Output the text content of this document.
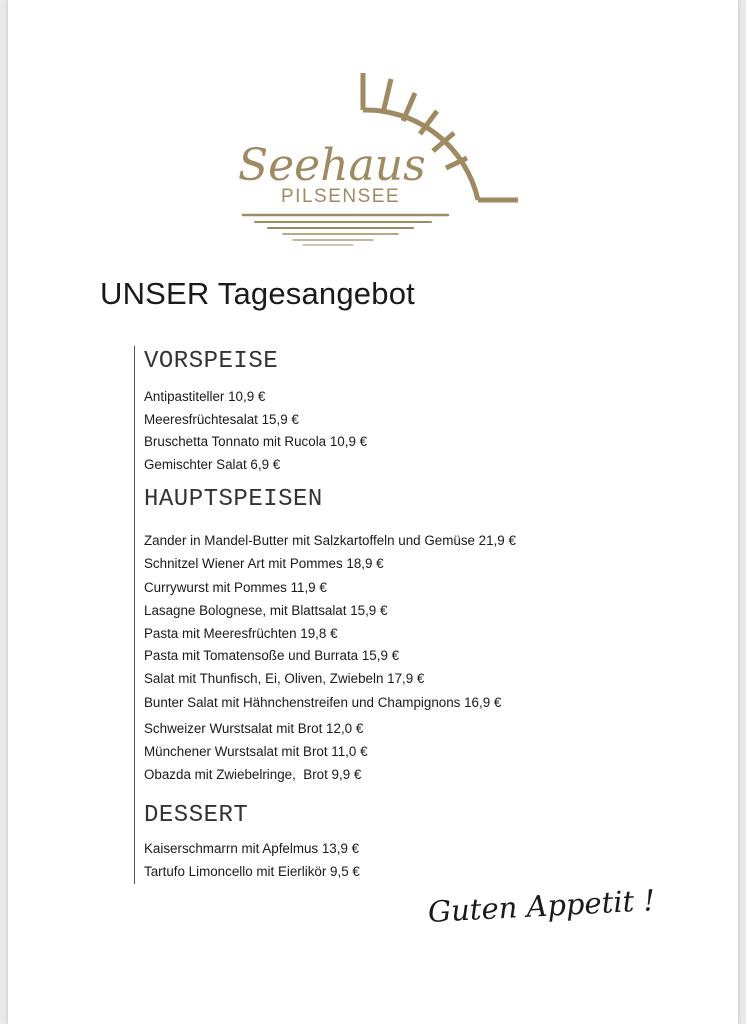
Seehaus
PILSENSEE
UNSER Tagesangebot
VORSPEISE
Antipastiteller 10,9 €
Meeresfrüchtesalat 15,9 €
Bruschetta Tonnato mit Rucola 10,9 €
Gemischter Salat 6,9 €
HAUPTSPEISEN
Zander in Mandel-Butter mit Salzkartoffeln und Gemüse 21,9 €
Schnitzel Wiener Art mit Pommes 18,9 €
Currywurst mit Pommes 11,9 €
Lasagne Bolognese, mit Blattsalat 15,9 €
Pasta mit Meeresfrüchten 19,8 €
Pasta mit Tomatensoße und Burrata 15,9 €
Salat mit Thunfisch, Ei, Oliven, Zwiebeln 17,9 €
Bunter Salat mit Hähnchenstreifen und Champignons 16,9 €
Schweizer Wurstsalat mit Brot 12,0 €
Münchener Wurstsalat mit Brot 11,0 €
Obazda mit Zwiebelringe,  Brot 9,9 €
DESSERT
Kaiserschmarrn mit Apfelmus 13,9 €
Tartufo Limoncello mit Eierlikör 9,5 €
Guten Appetit !
